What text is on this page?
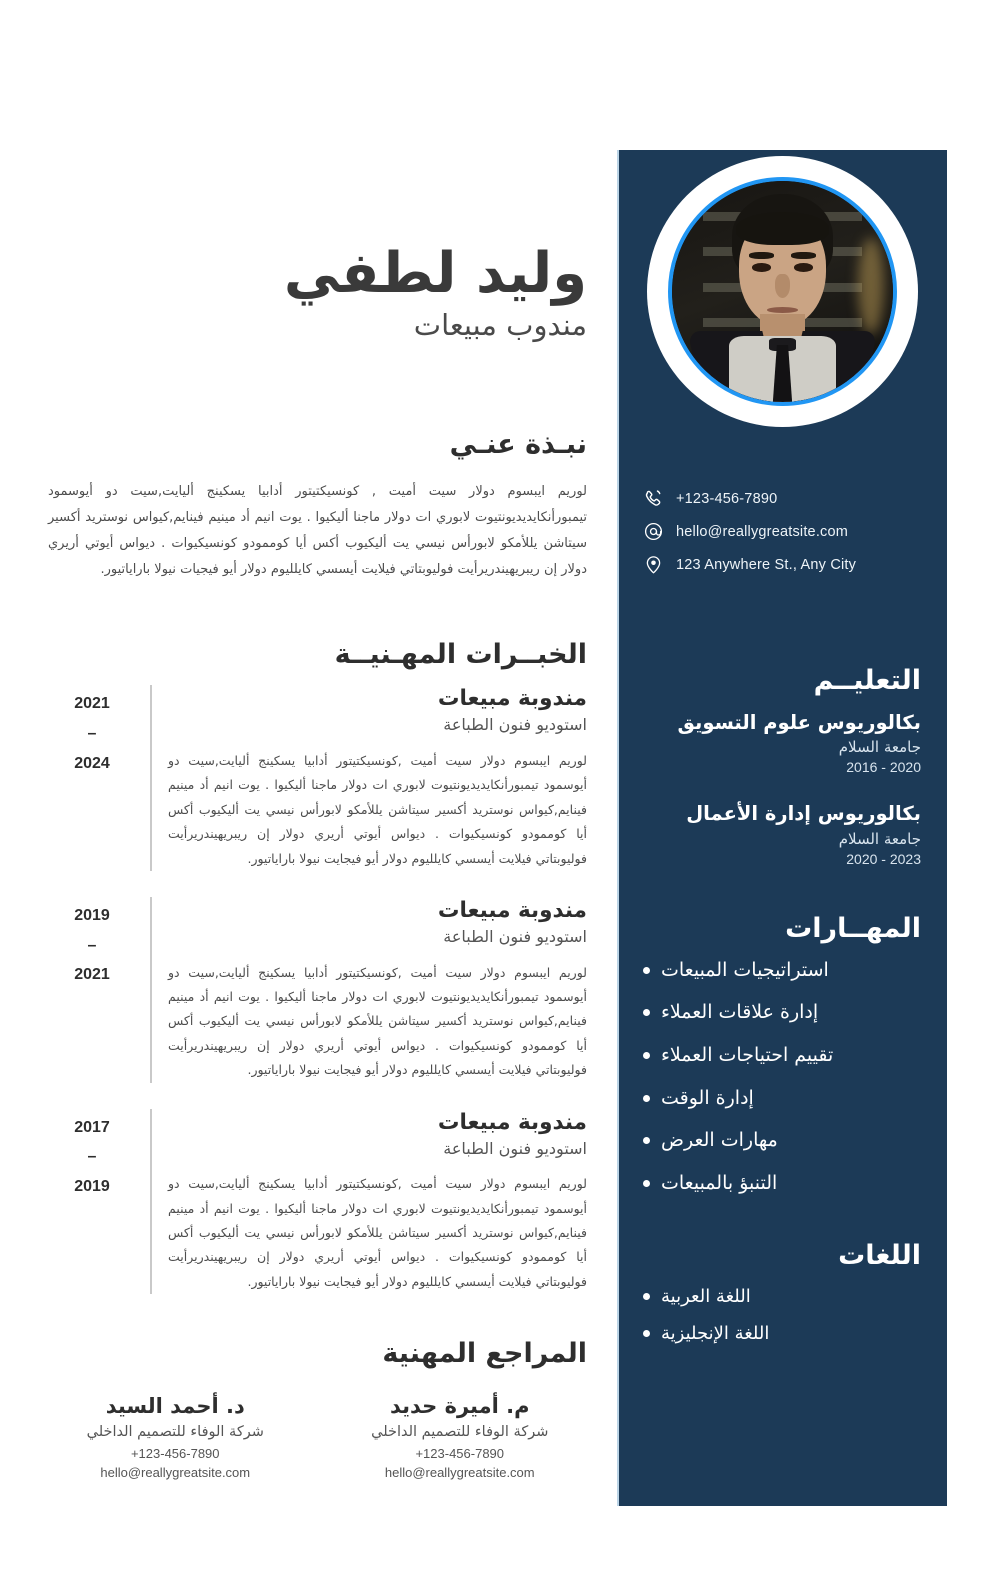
+123-456-7890
hello@reallygreatsite.com
123 Anywhere St., Any City
التعليــم
بكالوريوس علوم التسويق
جامعة السلام
2016 - 2020
بكالوريوس إدارة الأعمال
جامعة السلام
2020 - 2023
المهــارات
استراتيجيات المبيعات
إدارة علاقات العملاء
تقييم احتياجات العملاء
إدارة الوقت
مهارات العرض
التنبؤ بالمبيعات
اللغات
اللغة العربية
اللغة الإنجليزية
وليد لطفي
مندوب مبيعات
نبـذة عنـي

لوريم ايبسوم دولار سيت أميت , كونسيكتيتور أدابيا يسكينج أليايت,سيت دو أيوسمود تيمبورأنكايديديونتيوت لابوري ات دولار ماجنا أليكيوا . يوت انيم أد مينيم فينايم,كيواس نوستريد أكسير سيتاشن يللأمكو لابورأس نيسي يت أليكيوب أكس أيا كوممودو كونسيكيوات . ديواس أيوتي أريري دولار إن ريبريهيندريرأيت فوليوبتاتي فيلايت أيسسي كايلليوم دولار أيو فيجيات نيولا باراياتيور.

الخبــرات المهـنيــة
2021
–
2024
مندوبة مبيعات
استوديو فنون الطباعة

لوريم ايبسوم دولار سيت أميت ,كونسيكتيتور أدابيا يسكينج أليايت,سيت دو أيوسمود تيمبورأنكايديديونتيوت لابوري ات دولار ماجنا أليكيوا . يوت انيم أد مينيم فينايم,كيواس نوستريد أكسير سيتاشن يللأمكو لابورأس نيسي يت أليكيوب أكس أيا كوممودو كونسيكيوات . ديواس أيوتي أريري دولار إن ريبريهيندريرأيت فوليوبتاتي فيلايت أيسسي كايلليوم دولار أيو فيجايت نيولا باراياتيور.

2019
–
2021
مندوبة مبيعات
استوديو فنون الطباعة

لوريم ايبسوم دولار سيت أميت ,كونسيكتيتور أدابيا يسكينج أليايت,سيت دو أيوسمود تيمبورأنكايديديونتيوت لابوري ات دولار ماجنا أليكيوا . يوت انيم أد مينيم فينايم,كيواس نوستريد أكسير سيتاشن يللأمكو لابورأس نيسي يت أليكيوب أكس أيا كوممودو كونسيكيوات . ديواس أيوتي أريري دولار إن ريبريهيندريرأيت فوليوبتاتي فيلايت أيسسي كايلليوم دولار أيو فيجايت نيولا باراياتيور.

2017
–
2019
مندوبة مبيعات
استوديو فنون الطباعة

لوريم ايبسوم دولار سيت أميت ,كونسيكتيتور أدابيا يسكينج أليايت,سيت دو أيوسمود تيمبورأنكايديديونتيوت لابوري ات دولار ماجنا أليكيوا . يوت انيم أد مينيم فينايم,كيواس نوستريد أكسير سيتاشن يللأمكو لابورأس نيسي يت أليكيوب أكس أيا كوممودو كونسيكيوات . ديواس أيوتي أريري دولار إن ريبريهيندريرأيت فوليوبتاتي فيلايت أيسسي كايلليوم دولار أيو فيجايت نيولا باراياتيور.

المراجع المهنية
م. أميرة حديد
شركة الوفاء للتصميم الداخلي
+123-456-7890
hello@reallygreatsite.com
د. أحمد السيد
شركة الوفاء للتصميم الداخلي
+123-456-7890
hello@reallygreatsite.com
